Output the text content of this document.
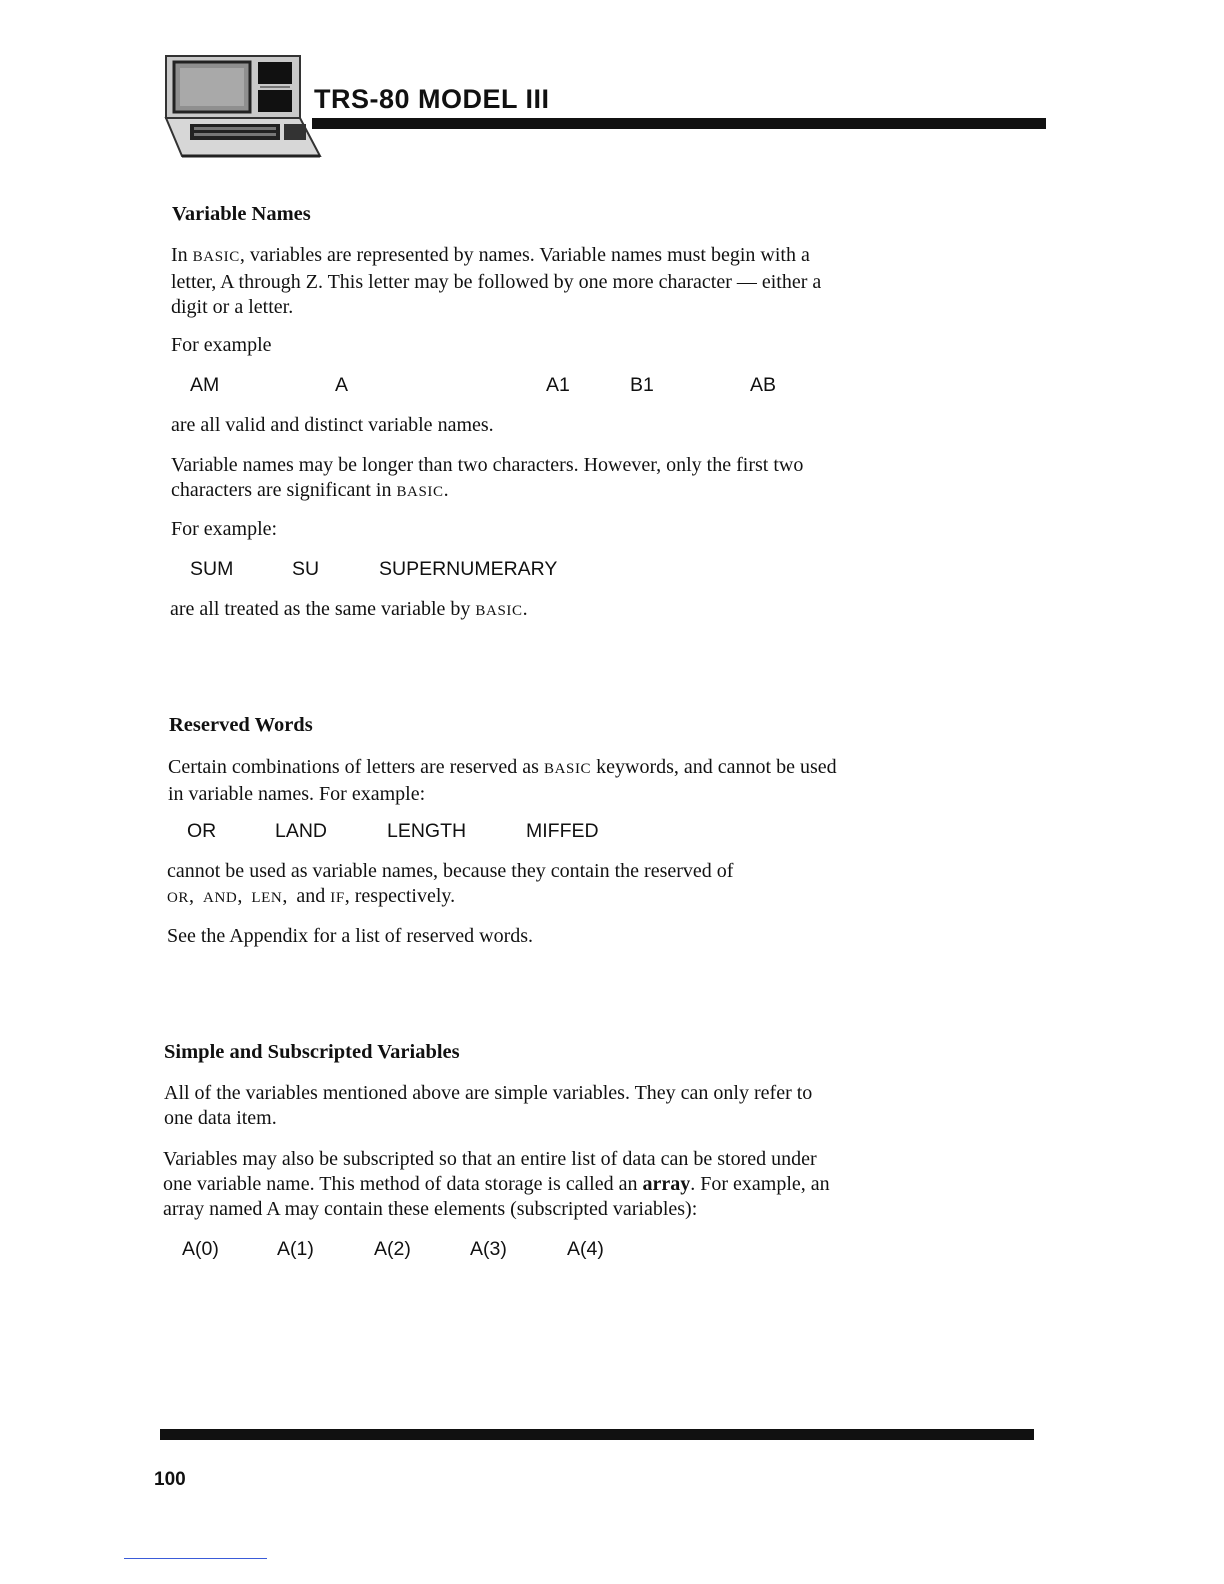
TRS-80 MODEL III
Variable Names

In BASIC, variables are represented by names. Variable names must begin with a
letter, A through Z. This letter may be followed by one more character — either a
digit or a letter.

For example

AM	A	A1	B1	AB

are all valid and distinct variable names.

Variable names may be longer than two characters. However, only the first two
characters are significant in BASIC.

For example:

SUM	SU	SUPERNUMERARY

are all treated as the same variable by BASIC.

Reserved Words

Certain combinations of letters are reserved as BASIC keywords, and cannot be used
in variable names. For example:

OR	LAND	LENGTH	MIFFED

cannot be used as variable names, because they contain the reserved of
OR, AND, LEN, and IF, respectively.

See the Appendix for a list of reserved words.

Simple and Subscripted Variables

All of the variables mentioned above are simple variables. They can only refer to
one data item.

Variables may also be subscripted so that an entire list of data can be stored under
one variable name. This method of data storage is called an array. For example, an
array named A may contain these elements (subscripted variables):

A(0)	A(1)	A(2)	A(3)	A(4)
100
